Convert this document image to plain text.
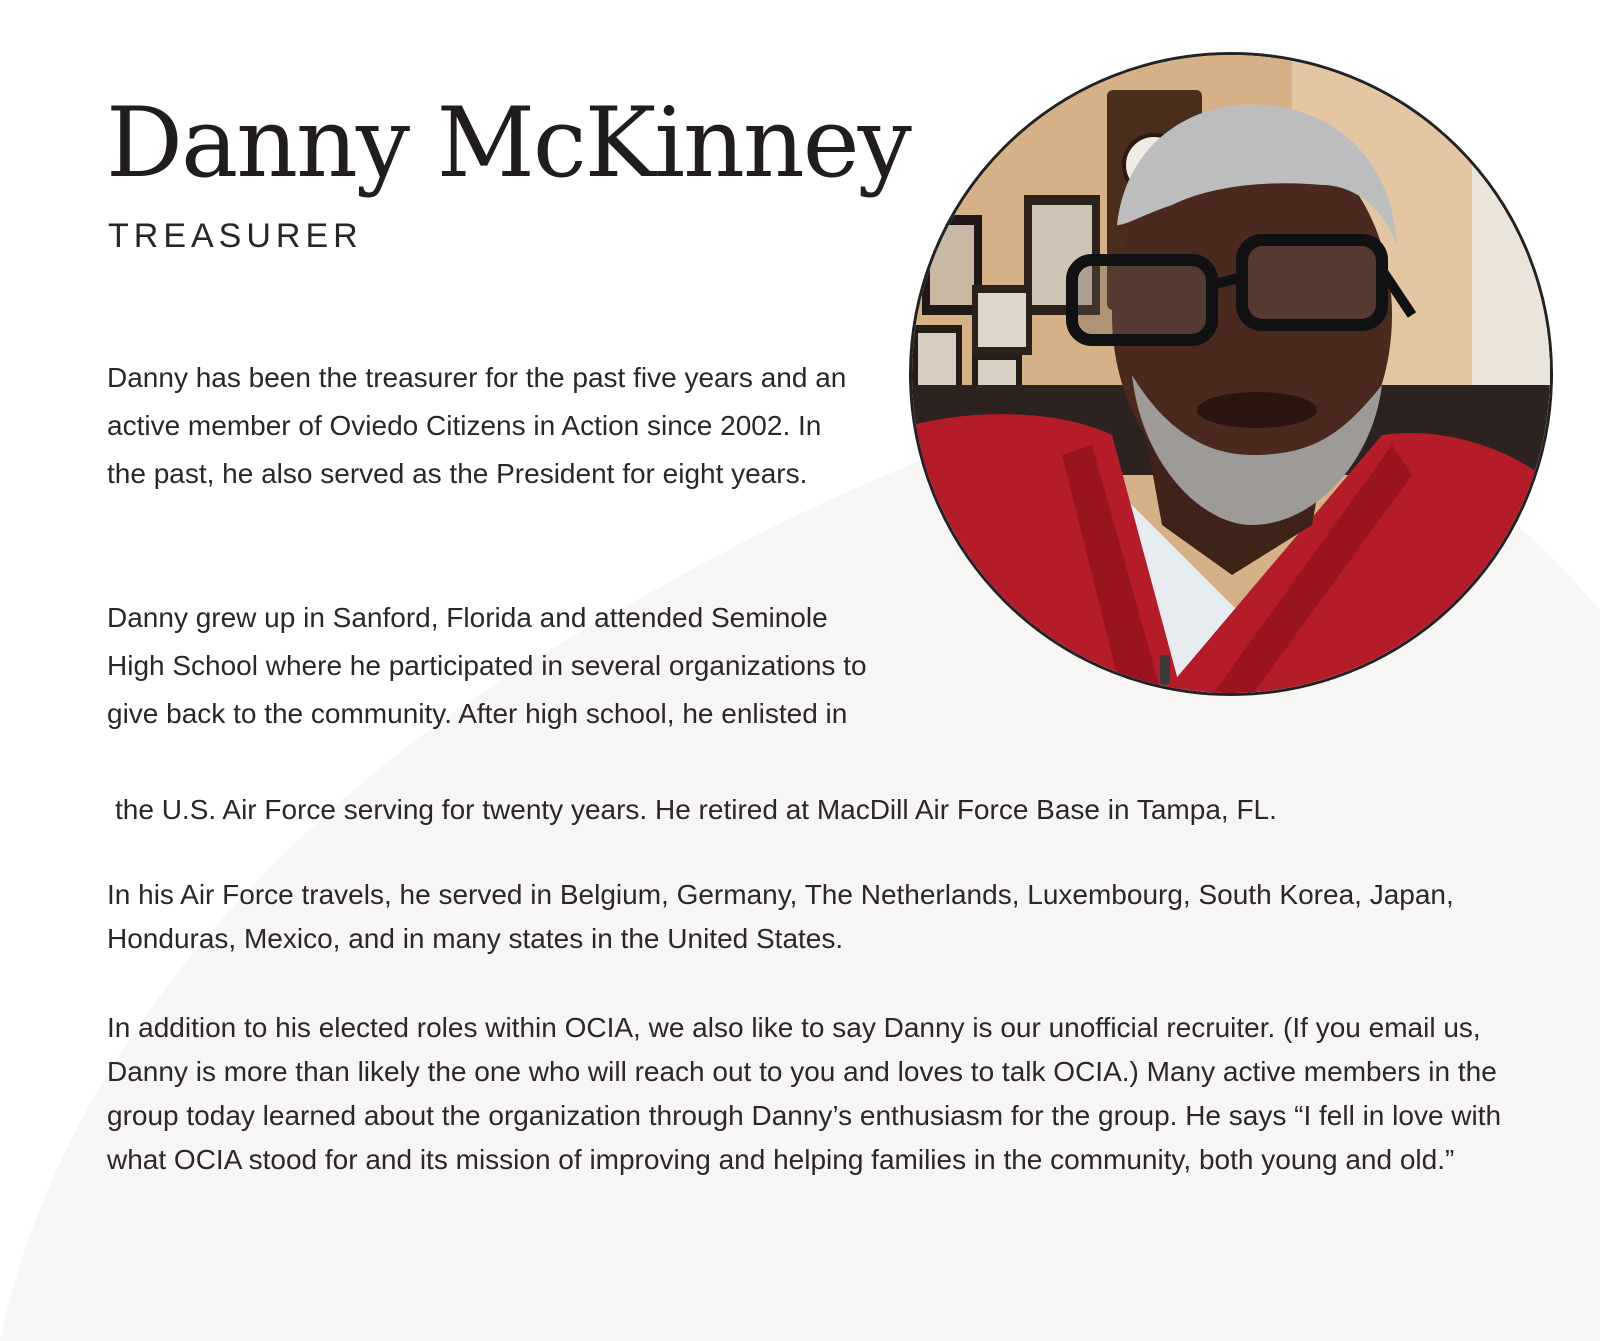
Danny McKinney
TREASURER

Danny has been the treasurer for the past five years and an active member of Oviedo Citizens in Action since 2002. In the past, he also served as the President for eight years.

Danny grew up in Sanford, Florida and attended Seminole High School where he participated in several organizations to give back to the community. After high school, he enlisted in

the U.S. Air Force serving for twenty years. He retired at MacDill Air Force Base in Tampa, FL.

In his Air Force travels, he served in Belgium, Germany, The Netherlands, Luxembourg, South Korea, Japan, Honduras, Mexico, and in many states in the United States.

In addition to his elected roles within OCIA, we also like to say Danny is our unofficial recruiter. (If you email us, Danny is more than likely the one who will reach out to you and loves to talk OCIA.) Many active members in the group today learned about the organization through Danny’s enthusiasm for the group. He says “I fell in love with what OCIA stood for and its mission of improving and helping families in the community, both young and old.”
